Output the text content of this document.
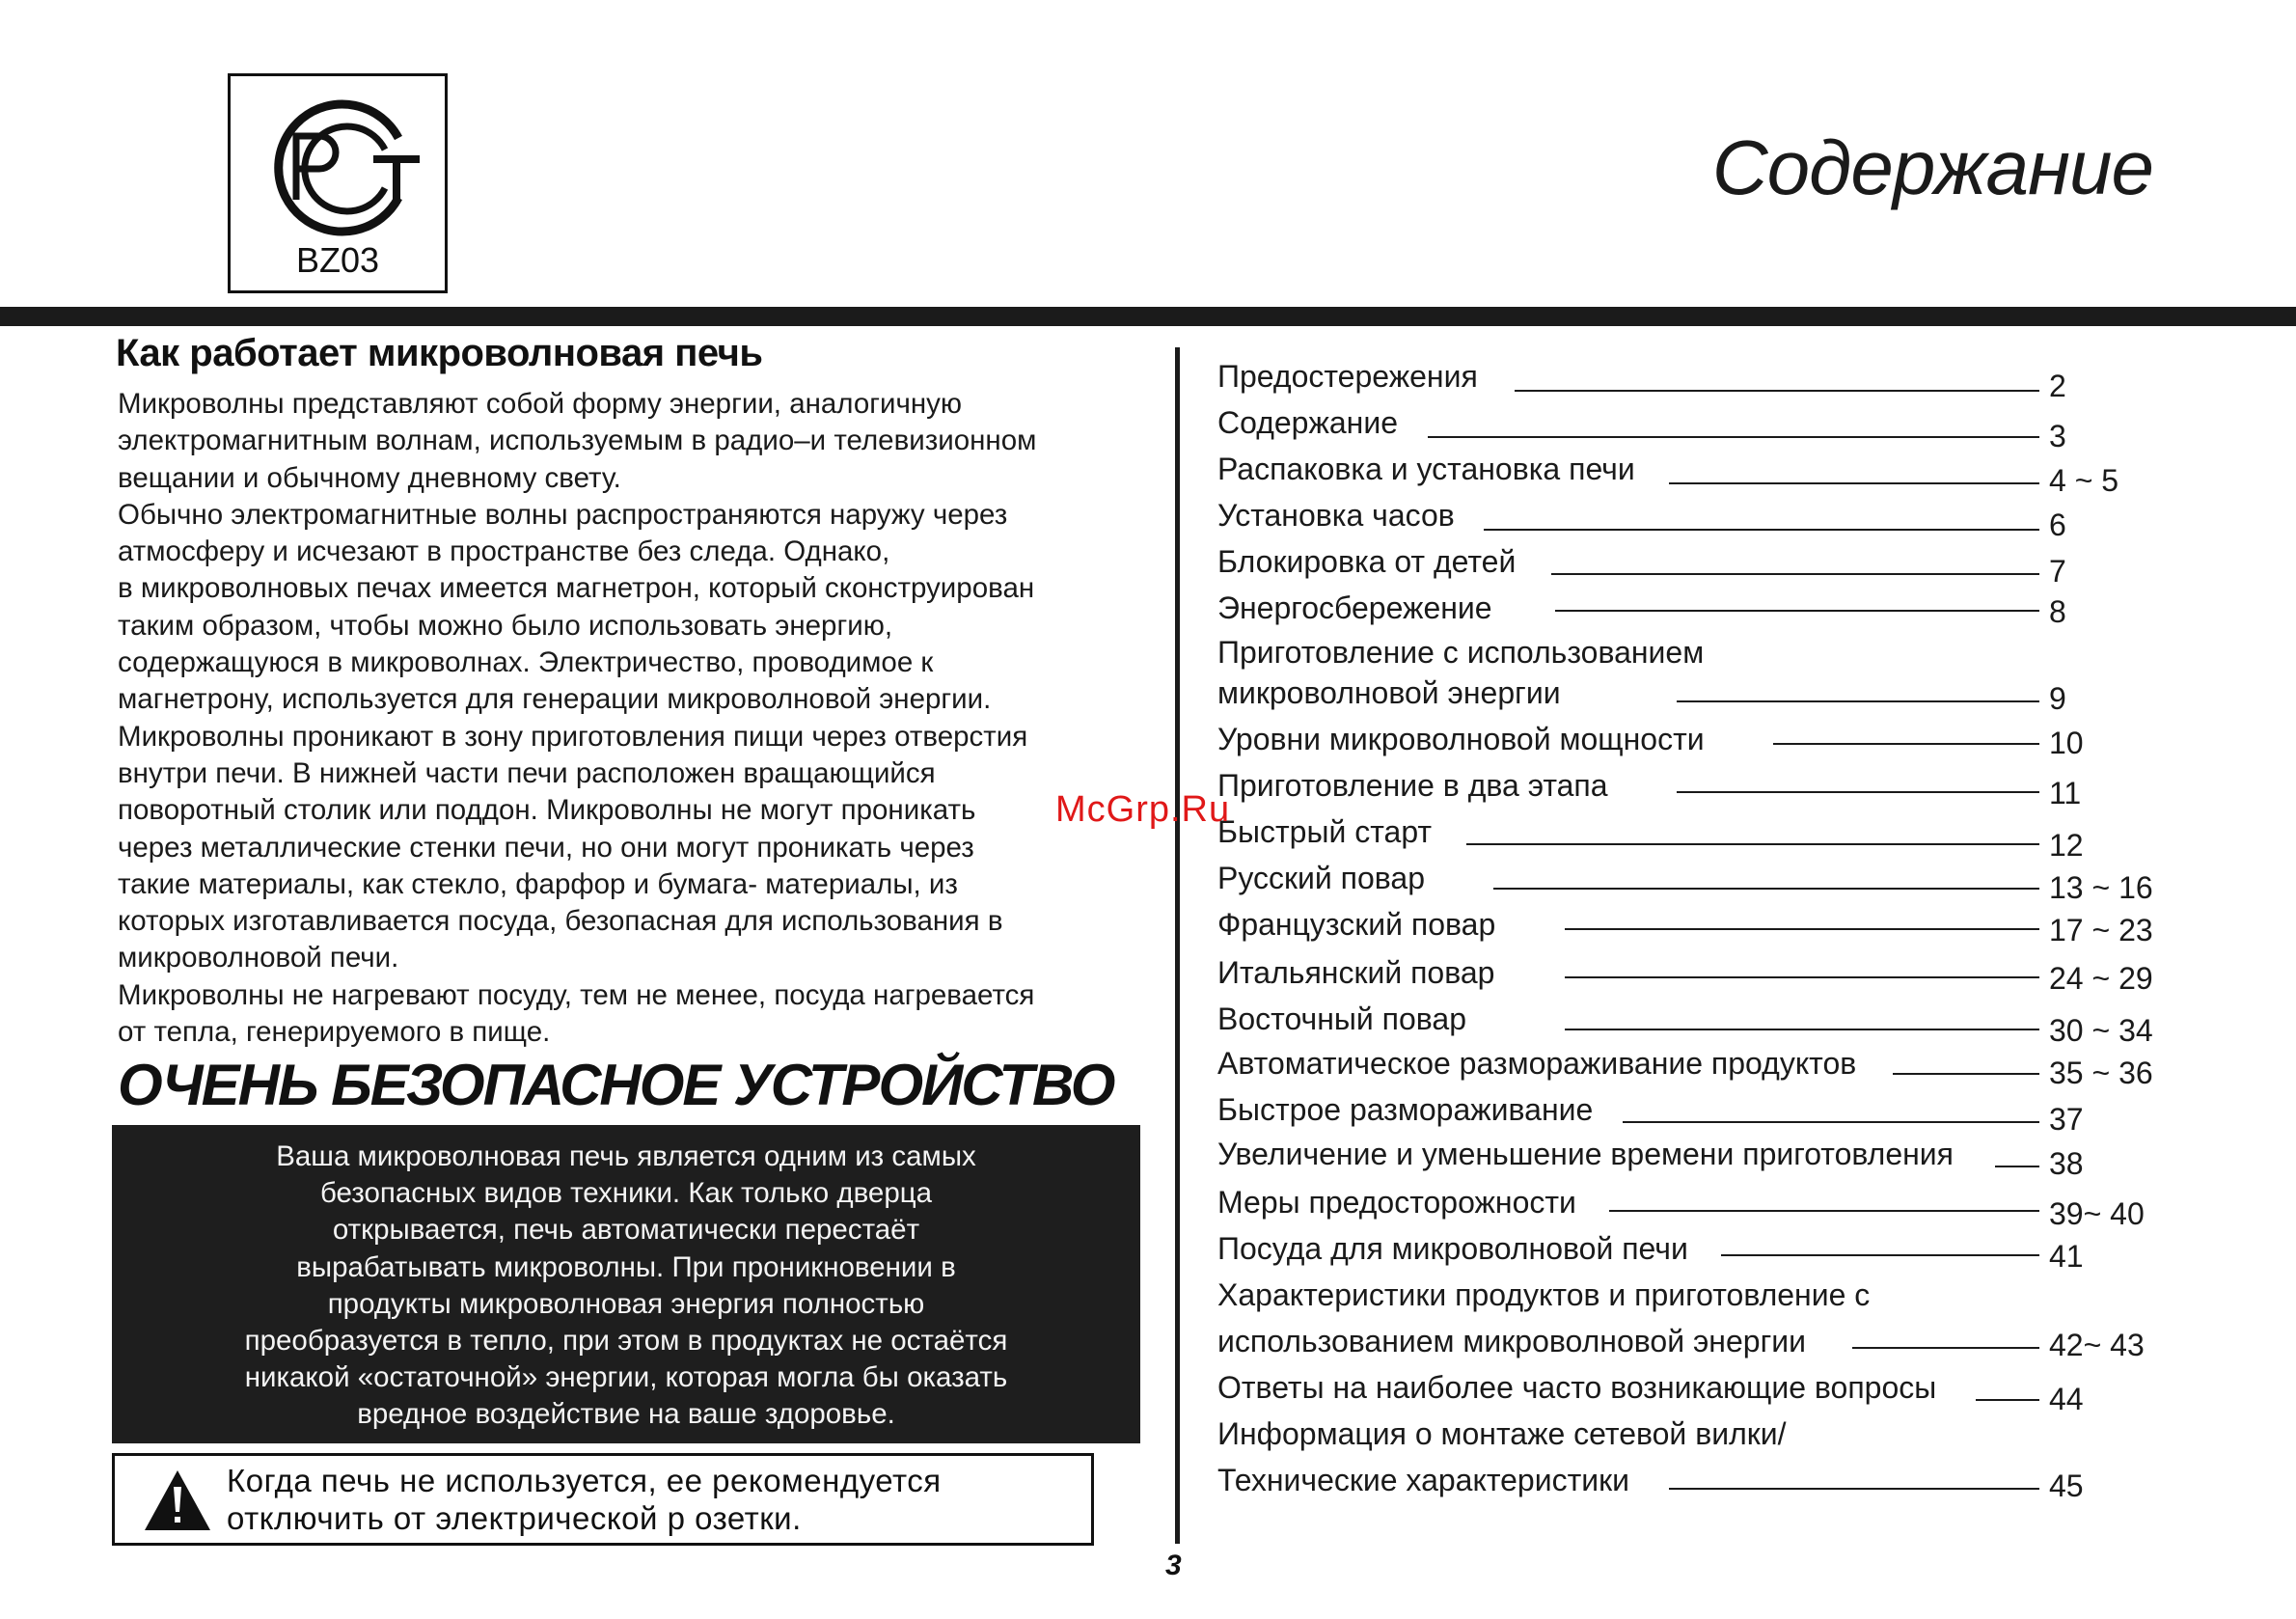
BZ03
Содержание
Как работает микроволновая печь
Микроволны представляют собой форму энергии, аналогичную
электромагнитным волнам, используемым в радио–и телевизионном
вещании и обычному дневному свету.
Обычно электромагнитные волны распространяются наружу через
атмосферу и исчезают в пространстве без следа. Однако,
в микроволновых печах имеется магнетрон, который сконструирован
таким образом, чтобы можно было использовать энергию,
содержащуюся в микроволнах. Электричество, проводимое к
магнетрону, используется для генерации микроволновой энергии.
Микроволны проникают в зону приготовления пищи через отверстия
внутри печи. В нижней части печи расположен вращающийся
поворотный столик или поддон. Микроволны не могут проникать
через металлические стенки печи, но они могут проникать через
такие материалы, как стекло, фарфор и бумага- материалы, из
которых изготавливается посуда, безопасная для использования в
микроволновой печи.
Микроволны не нагревают посуду, тем не менее, посуда нагревается
от тепла, генерируемого в пище.
ОЧЕНЬ БЕЗОПАСНОЕ УСТРОЙСТВО
Ваша микроволновая печь является одним из самых
безопасных видов техники. Как только дверца
открывается, печь автоматически перестаёт
вырабатывать микроволны. При проникновении в
продукты микроволновая энергия полностью
преобразуется в тепло, при этом в продуктах не остаётся
никакой «остаточной» энергии, которая могла бы оказать
вредное воздействие на ваше здоровье.
Когда печь не используется, ее рекомендуется
отключить от электрической р озетки.
3
Предостережения	2
Содержание	3
Распаковка и установка печи	4 ~ 5
Установка часов	6
Блокировка от детей	7
Энергосбережение	8
Приготовление с использованием
микроволновой энергии	9
Уровни микроволновой мощности	10
Приготовление в два этапа	11
Быстрый старт	12
Русский повар	13 ~ 16
Французский повар	17 ~ 23
Итальянский повар	24 ~ 29
Восточный повар	30 ~ 34
Автоматическое размораживание продуктов	35 ~ 36
Быстрое размораживание	37
Увеличение и уменьшение времени приготовления	38
Меры предосторожности	39~ 40
Посуда для микроволновой печи	41
Характеристики продуктов и приготовление с
использованием микроволновой энергии	42~ 43
Ответы на наиболее часто возникающие вопросы	44
Информация о монтаже сетевой вилки/
Технические характеристики	45
McGrp.Ru
